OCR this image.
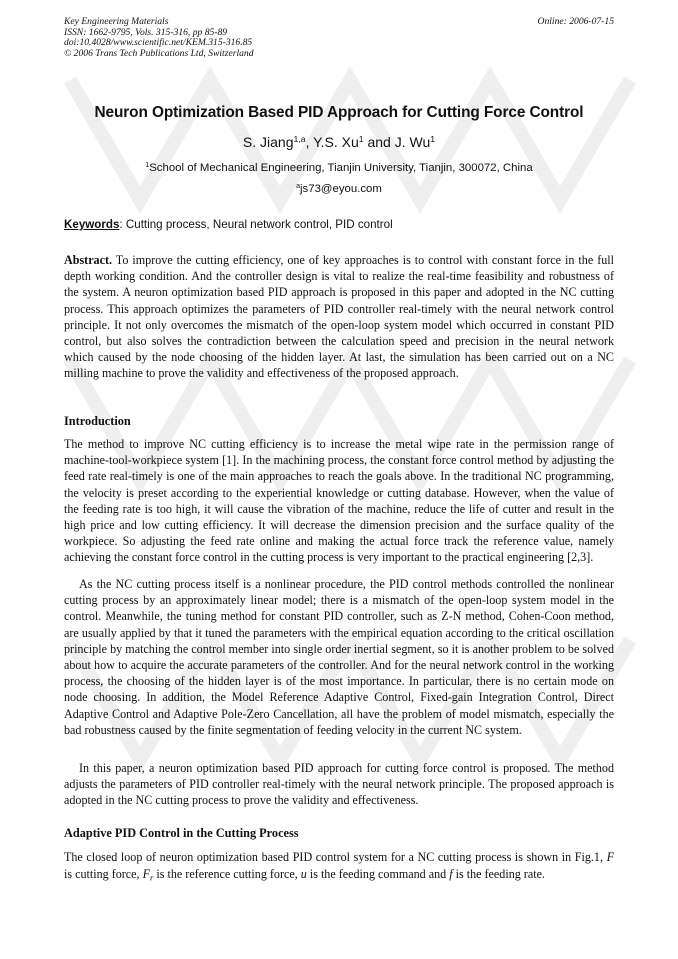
Key Engineering Materials
ISSN: 1662-9795, Vols. 315-316, pp 85-89
doi:10.4028/www.scientific.net/KEM.315-316.85
© 2006 Trans Tech Publications Ltd, Switzerland
Online: 2006-07-15
Neuron Optimization Based PID Approach for Cutting Force Control
S. Jiang$^{1,a}$, Y.S. Xu$^1$ and J. Wu$^1$
$^1$School of Mechanical Engineering, Tianjin University, Tianjin, 300072, China
$^a$js73@eyou.com
Keywords: Cutting process, Neural network control, PID control

Abstract. To improve the cutting efficiency, one of key approaches is to control with constant force in the full depth working condition. And the controller design is vital to realize the real-time feasibility and robustness of the system. A neuron optimization based PID approach is proposed in this paper and adopted in the NC cutting process. This approach optimizes the parameters of PID controller real-timely with the neural network control principle. It not only overcomes the mismatch of the open-loop system model which occurred in constant PID control, but also solves the contradiction between the calculation speed and precision in the neural network which caused by the node choosing of the hidden layer. At last, the simulation has been carried out on a NC milling machine to prove the validity and effectiveness of the proposed approach.

Introduction

The method to improve NC cutting efficiency is to increase the metal wipe rate in the permission range of machine-tool-workpiece system [1]. In the machining process, the constant force control method by adjusting the feed rate real-timely is one of the main approaches to reach the goals above. In the traditional NC programming, the velocity is preset according to the experiential knowledge or cutting database. However, when the value of the feeding rate is too high, it will cause the vibration of the machine, reduce the life of cutter and result in the high price and low cutting efficiency. It will decrease the dimension precision and the surface quality of the workpiece. So adjusting the feed rate online and making the actual force track the reference value, namely achieving the constant force control in the cutting process is very important to the practical engineering [2,3].

As the NC cutting process itself is a nonlinear procedure, the PID control methods controlled the nonlinear cutting process by an approximately linear model; there is a mismatch of the open-loop system model in the control. Meanwhile, the tuning method for constant PID controller, such as Z-N method, Cohen-Coon method, are usually applied by that it tuned the parameters with the empirical equation according to the critical oscillation principle by matching the control member into single order inertial segment, so it is another problem to be solved about how to acquire the accurate parameters of the controller. And for the neural network control in the working process, the choosing of the hidden layer is of the most importance. In particular, there is no certain mode on node choosing. In addition, the Model Reference Adaptive Control, Fixed-gain Integration Control, Direct Adaptive Control and Adaptive Pole-Zero Cancellation, all have the problem of model mismatch, especially the bad robustness caused by the finite segmentation of feeding velocity in the current NC system.

In this paper, a neuron optimization based PID approach for cutting force control is proposed. The method adjusts the parameters of PID controller real-timely with the neural network principle. The proposed approach is adopted in the NC cutting process to prove the validity and effectiveness.

Adaptive PID Control in the Cutting Process

The closed loop of neuron optimization based PID control system for a NC cutting process is shown in Fig.1, F is cutting force, $F_r$ is the reference cutting force, u is the feeding command and f is the feeding rate.
